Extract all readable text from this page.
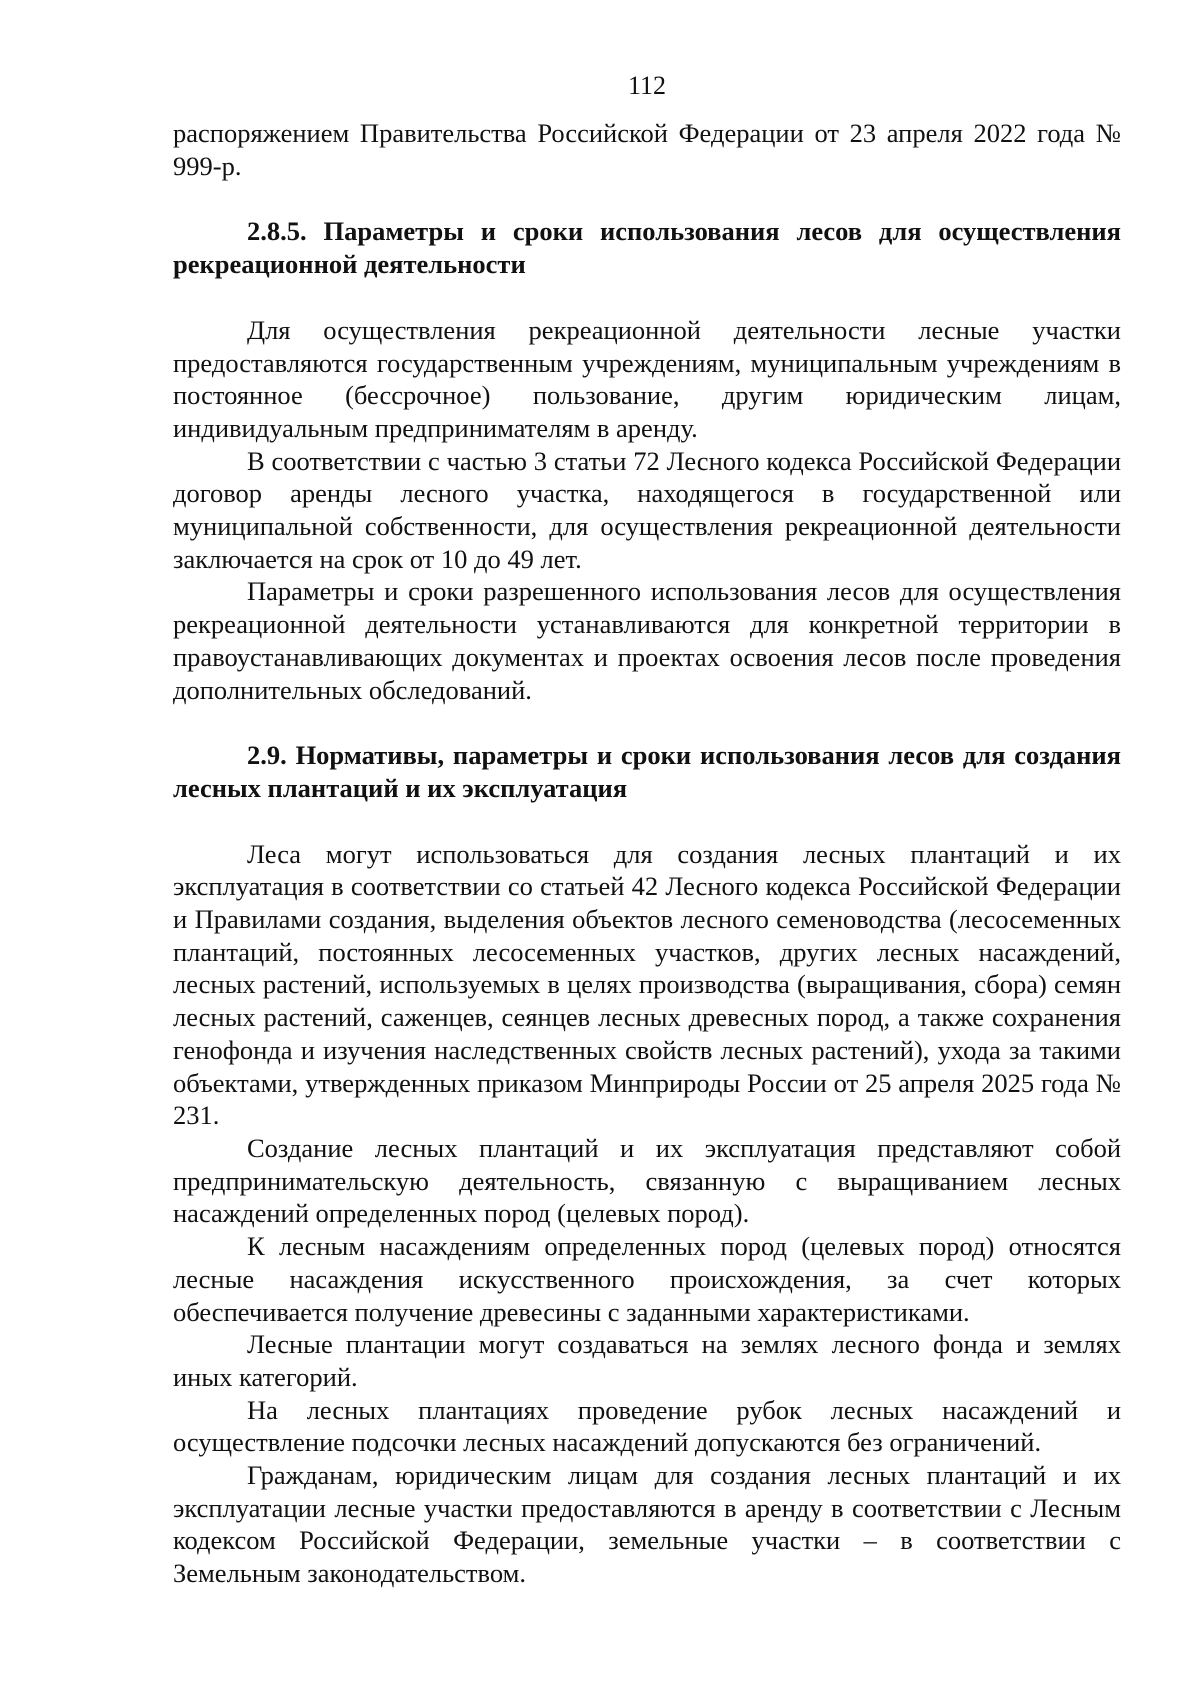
112

распоряжением Правительства Российской Федерации от 23 апреля 2022 года № 999-р.

2.8.5. Параметры и сроки использования лесов для осуществления рекреационной деятельности

Для осуществления рекреационной деятельности лесные участки предоставляются государственным учреждениям, муниципальным учреждениям в постоянное (бессрочное) пользование, другим юридическим лицам, индивидуальным предпринимателям в аренду.

В соответствии с частью 3 статьи 72 Лесного кодекса Российской Федерации договор аренды лесного участка, находящегося в государственной или муниципальной собственности, для осуществления рекреационной деятельности заключается на срок от 10 до 49 лет.

Параметры и сроки разрешенного использования лесов для осуществления рекреационной деятельности устанавливаются для конкретной территории в правоустанавливающих документах и проектах освоения лесов после проведения дополнительных обследований.

2.9. Нормативы, параметры и сроки использования лесов для создания лесных плантаций и их эксплуатация

Леса могут использоваться для создания лесных плантаций и их эксплуатация в соответствии со статьей 42 Лесного кодекса Российской Федерации и Правилами создания, выделения объектов лесного семеноводства (лесосеменных плантаций, постоянных лесосеменных участков, других лесных насаждений, лесных растений, используемых в целях производства (выращивания, сбора) семян лесных растений, саженцев, сеянцев лесных древесных пород, а также сохранения генофонда и изучения наследственных свойств лесных растений), ухода за такими объектами, утвержденных приказом Минприроды России от 25 апреля 2025 года № 231.

Создание лесных плантаций и их эксплуатация представляют собой предпринимательскую деятельность, связанную с выращиванием лесных насаждений определенных пород (целевых пород).

К лесным насаждениям определенных пород (целевых пород) относятся лесные насаждения искусственного происхождения, за счет которых обеспечивается получение древесины с заданными характеристиками.

Лесные плантации могут создаваться на землях лесного фонда и землях иных категорий.

На лесных плантациях проведение рубок лесных насаждений и осуществление подсочки лесных насаждений допускаются без ограничений.

Гражданам, юридическим лицам для создания лесных плантаций и их эксплуатации лесные участки предоставляются в аренду в соответствии с Лесным кодексом Российской Федерации, земельные участки – в соответствии с Земельным законодательством.
